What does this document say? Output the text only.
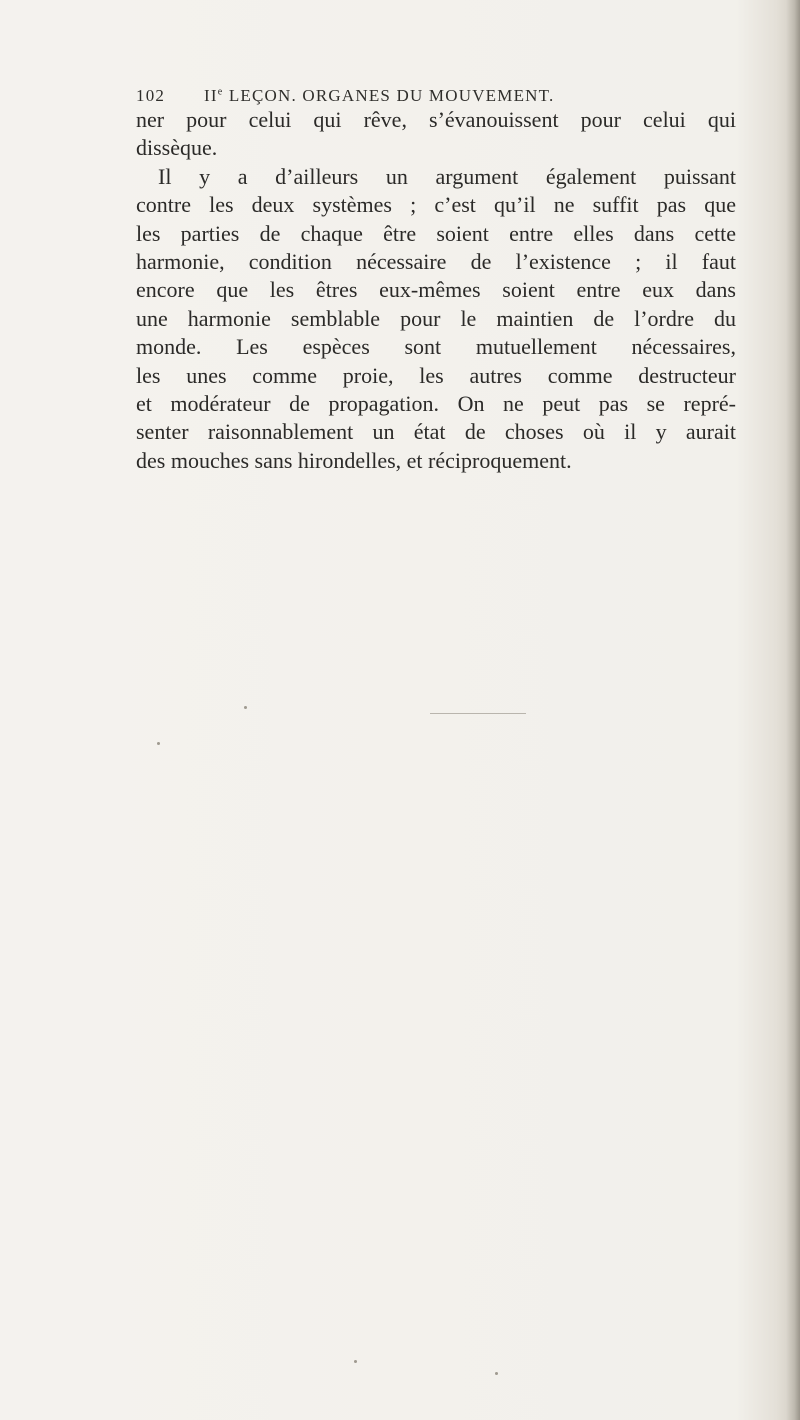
102 IIe LEÇON. ORGANES DU MOUVEMENT.
ner pour celui qui rêve, s’évanouissent pour celui qui
dissèque.
Il y a d’ailleurs un argument également puissant
contre les deux systèmes ; c’est qu’il ne suffit pas que
les parties de chaque être soient entre elles dans cette
harmonie, condition nécessaire de l’existence ; il faut
encore que les êtres eux-mêmes soient entre eux dans
une harmonie semblable pour le maintien de l’ordre du
monde. Les espèces sont mutuellement nécessaires,
les unes comme proie, les autres comme destructeur
et modérateur de propagation. On ne peut pas se repré-
senter raisonnablement un état de choses où il y aurait
des mouches sans hirondelles, et réciproquement.
